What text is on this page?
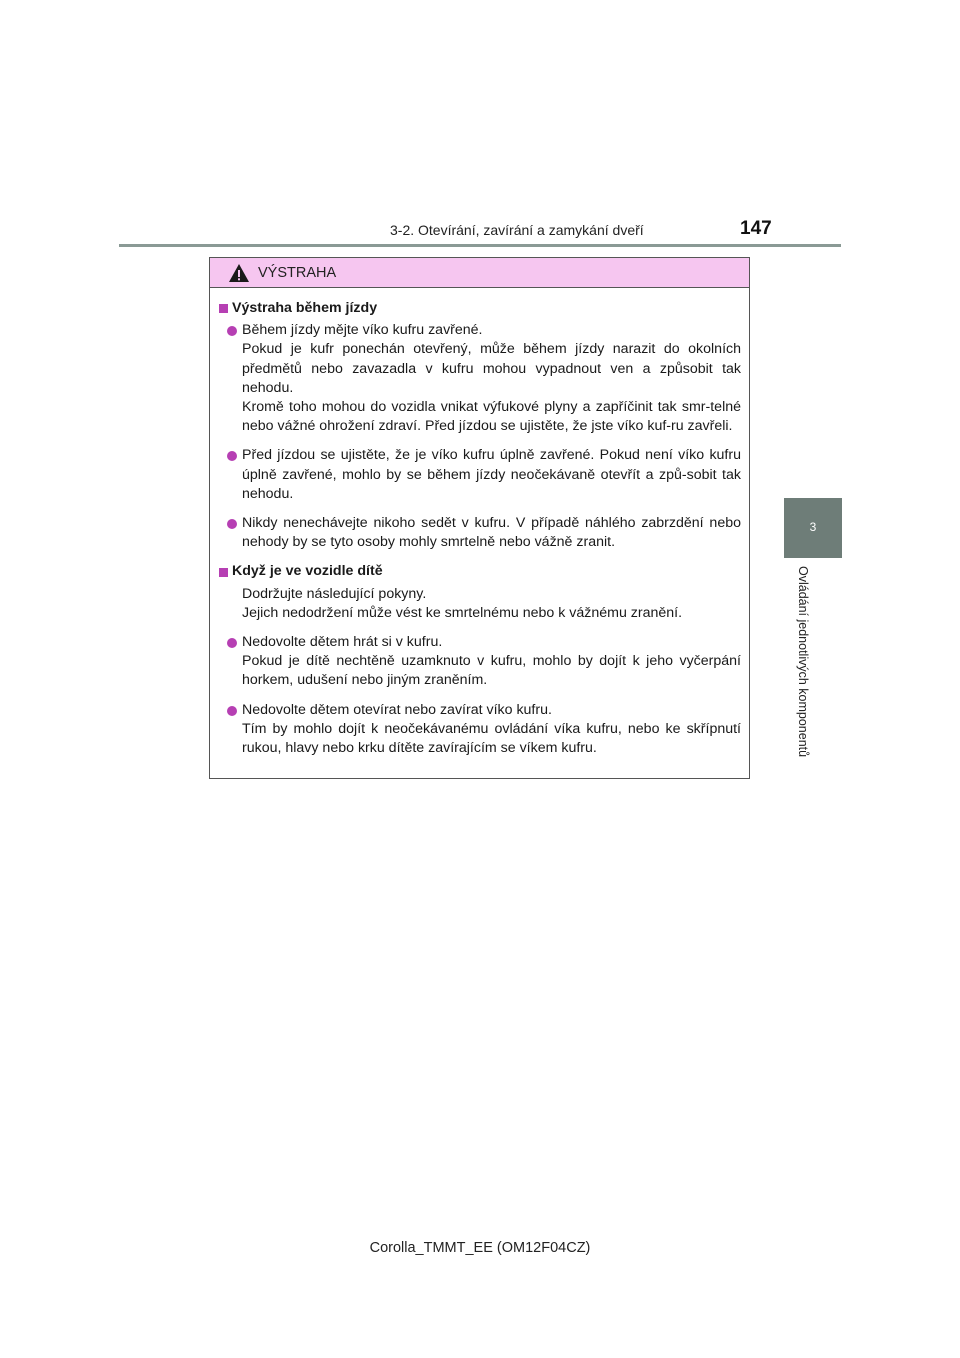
3-2. Otevírání, zavírání a zamykání dveří	147
3
Ovládání jednotlivých komponentů
VÝSTRAHA
Výstraha během jízdy
Během jízdy mějte víko kufru zavřené.
Pokud je kufr ponechán otevřený, může během jízdy narazit do okolních předmětů nebo zavazadla v kufru mohou vypadnout ven a způsobit tak nehodu.
Kromě toho mohou do vozidla vnikat výfukové plyny a zapříčinit tak smr-telné nebo vážné ohrožení zdraví. Před jízdou se ujistěte, že jste víko kuf-ru zavřeli.
Před jízdou se ujistěte, že je víko kufru úplně zavřené. Pokud není víko kufru úplně zavřené, mohlo by se během jízdy neočekávaně otevřít a způ-sobit tak nehodu.
Nikdy nenechávejte nikoho sedět v kufru. V případě náhlého zabrzdění nebo nehody by se tyto osoby mohly smrtelně nebo vážně zranit.
Když je ve vozidle dítě
Dodržujte následující pokyny.
Jejich nedodržení může vést ke smrtelnému nebo k vážnému zranění.
Nedovolte dětem hrát si v kufru.
Pokud je dítě nechtěně uzamknuto v kufru, mohlo by dojít k jeho vyčerpání horkem, udušení nebo jiným zraněním.
Nedovolte dětem otevírat nebo zavírat víko kufru.
Tím by mohlo dojít k neočekávanému ovládání víka kufru, nebo ke skřípnutí rukou, hlavy nebo krku dítěte zavírajícím se víkem kufru.
Corolla_TMMT_EE (OM12F04CZ)
